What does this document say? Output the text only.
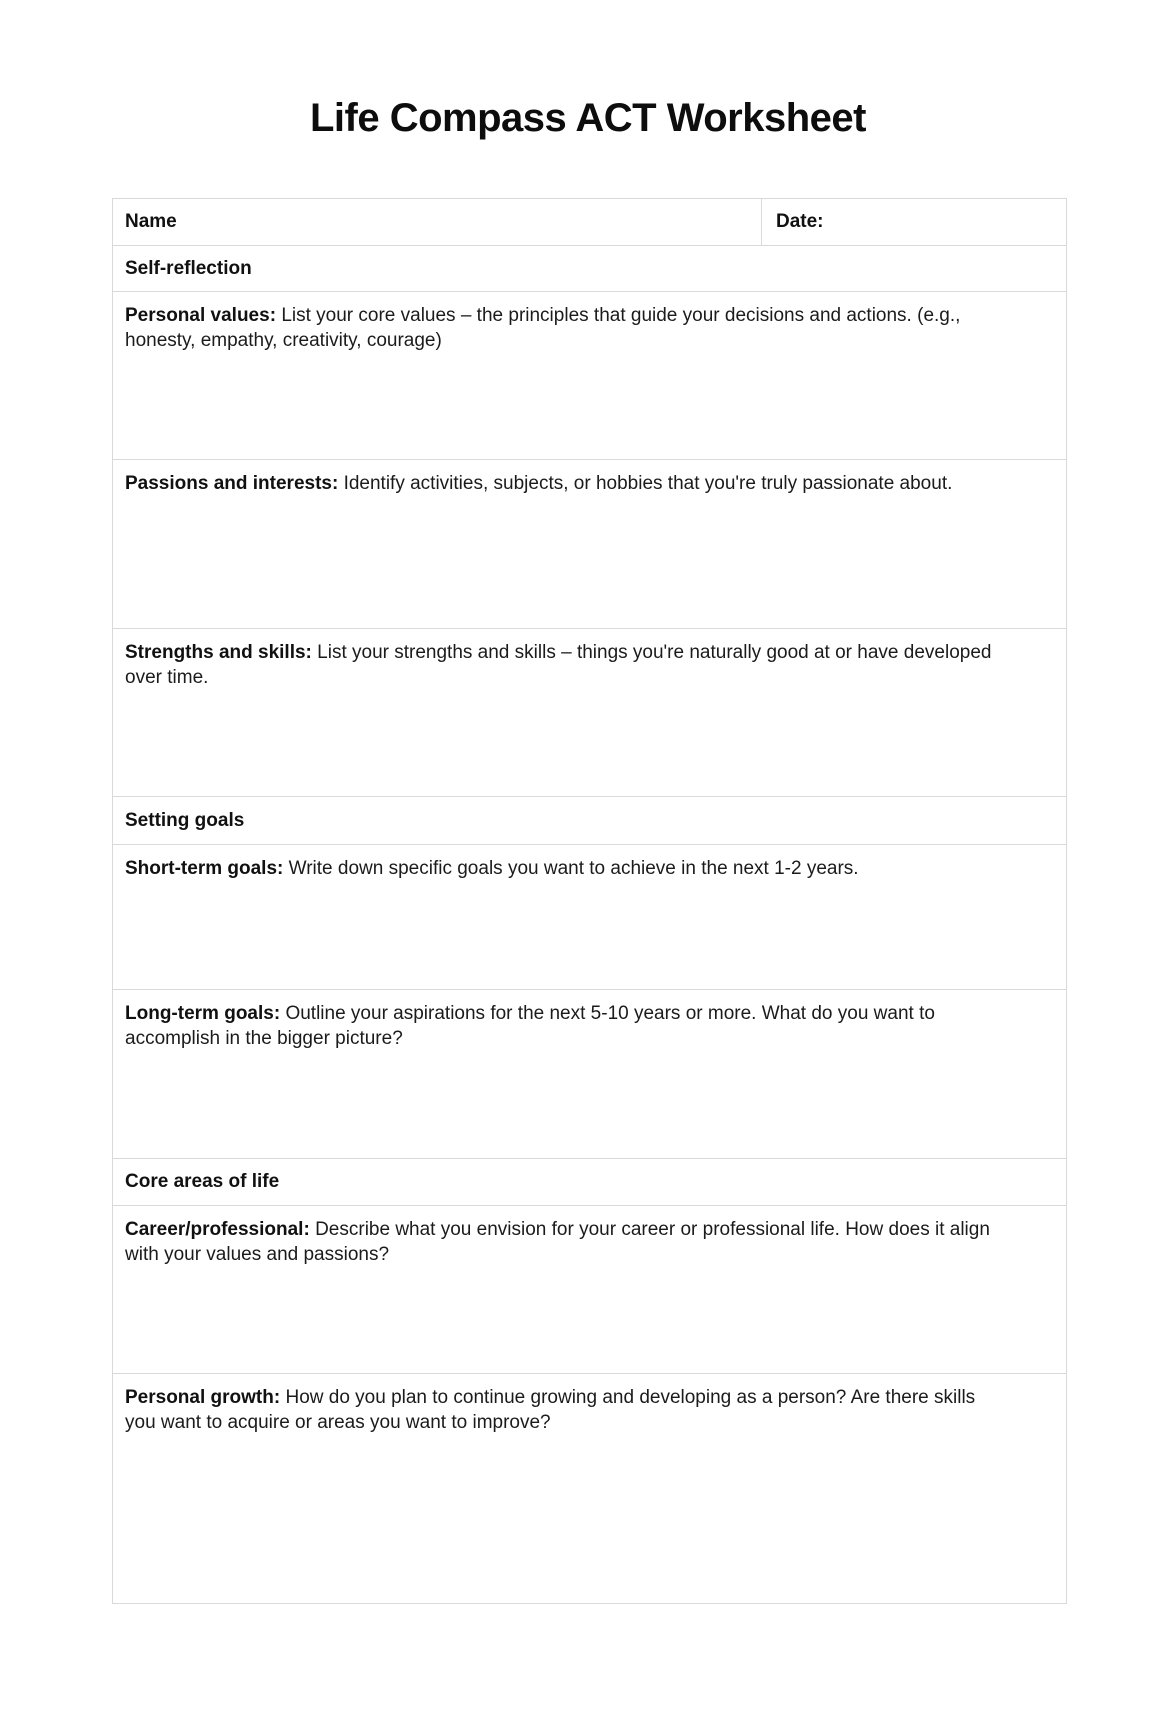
Life Compass ACT Worksheet
Name	Date:
Self-reflection

Personal values: List your core values – the principles that guide your decisions and actions. (e.g., honesty, empathy, creativity, courage)

Passions and interests: Identify activities, subjects, or hobbies that you're truly passionate about.

Strengths and skills: List your strengths and skills – things you're naturally good at or have developed over time.

Setting goals

Short-term goals: Write down specific goals you want to achieve in the next 1-2 years.

Long-term goals: Outline your aspirations for the next 5-10 years or more. What do you want to accomplish in the bigger picture?

Core areas of life

Career/professional: Describe what you envision for your career or professional life. How does it align with your values and passions?

Personal growth: How do you plan to continue growing and developing as a person? Are there skills you want to acquire or areas you want to improve?
